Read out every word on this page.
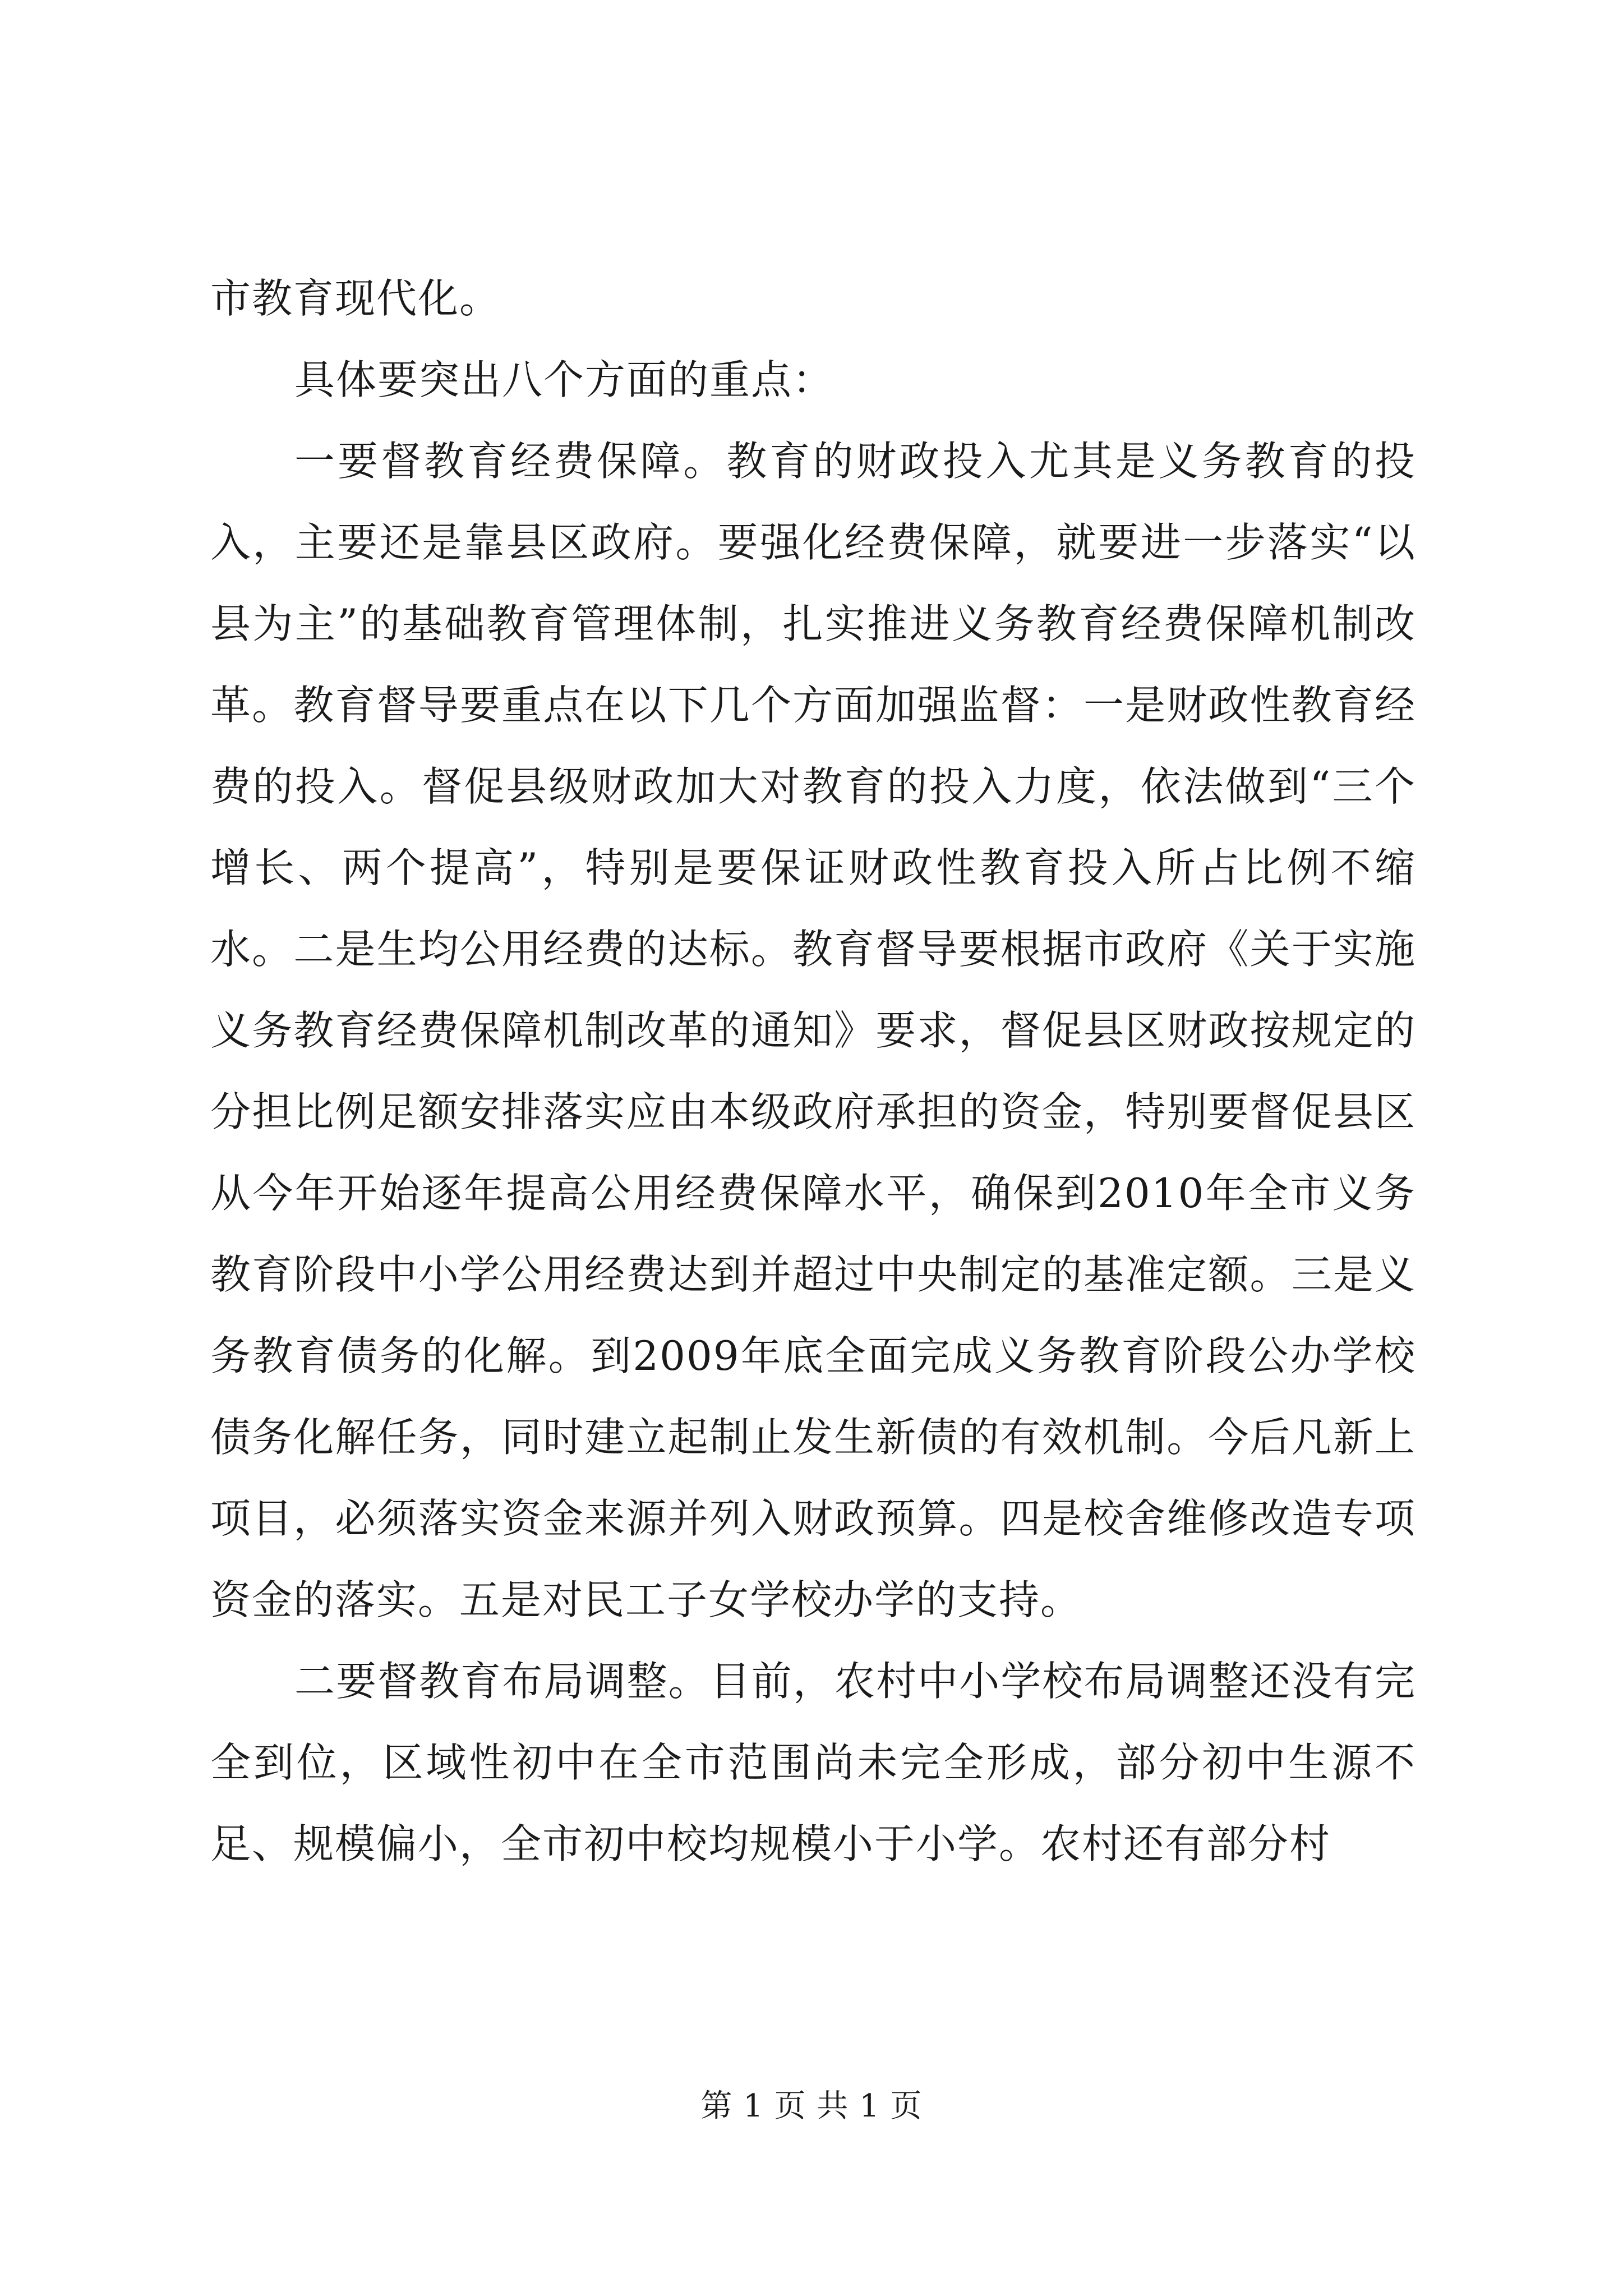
市教育现代化。

具体要突出八个方面的重点：

一要督教育经费保障。教育的财政投入尤其是义务教育的投入，主要还是靠县区政府。要强化经费保障，就要进一步落实“以县为主”的基础教育管理体制，扎实推进义务教育经费保障机制改革。教育督导要重点在以下几个方面加强监督：一是财政性教育经费的投入。督促县级财政加大对教育的投入力度，依法做到“三个增长、两个提高”，特别是要保证财政性教育投入所占比例不缩水。二是生均公用经费的达标。教育督导要根据市政府《关于实施义务教育经费保障机制改革的通知》要求，督促县区财政按规定的分担比例足额安排落实应由本级政府承担的资金，特别要督促县区从今年开始逐年提高公用经费保障水平，确保到2010年全市义务教育阶段中小学公用经费达到并超过中央制定的基准定额。三是义务教育债务的化解。到2009年底全面完成义务教育阶段公办学校债务化解任务，同时建立起制止发生新债的有效机制。今后凡新上项目，必须落实资金来源并列入财政预算。四是校舍维修改造专项资金的落实。五是对民工子女学校办学的支持。

二要督教育布局调整。目前，农村中小学校布局调整还没有完全到位，区域性初中在全市范围尚未完全形成，部分初中生源不足、规模偏小，全市初中校均规模小于小学。农村还有部分村

第 1 页 共 1 页
